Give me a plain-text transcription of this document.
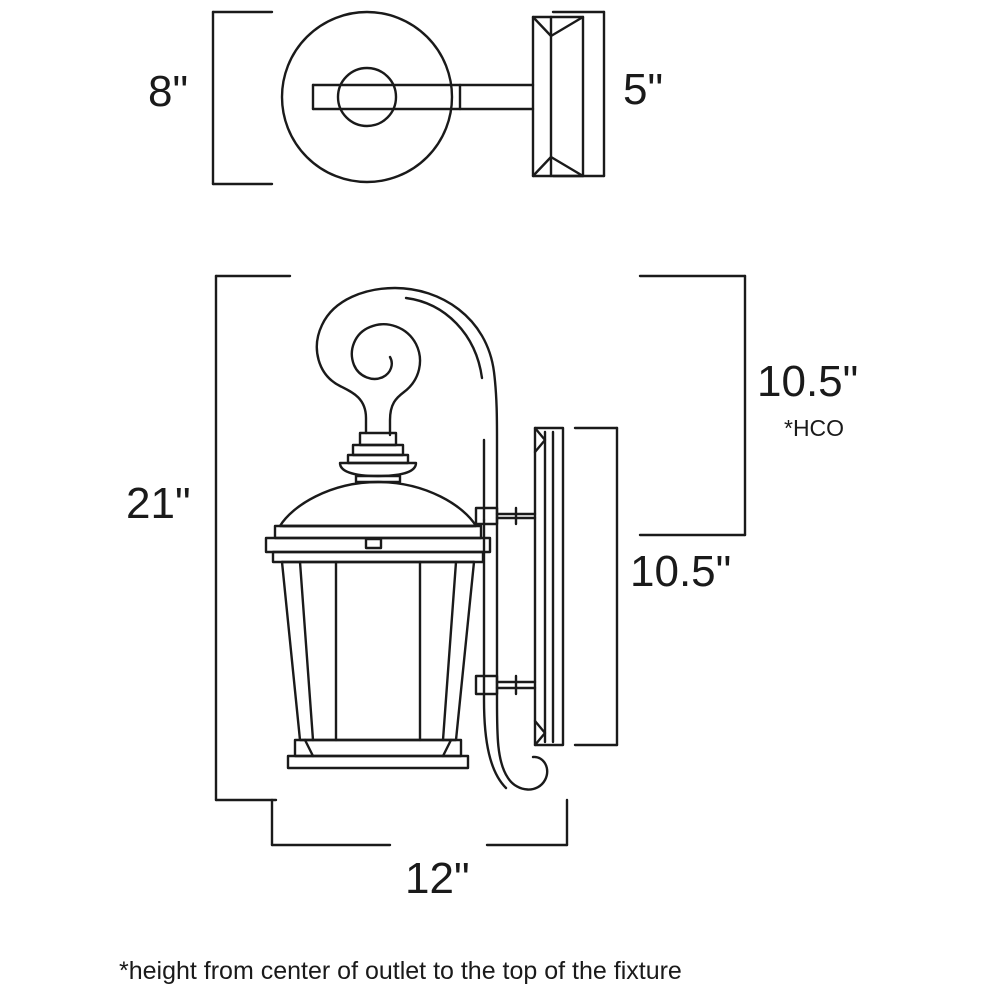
8"	5"
21"
10.5"
*HCO
10.5"
12"
*height from center of outlet to the top of the fixture
